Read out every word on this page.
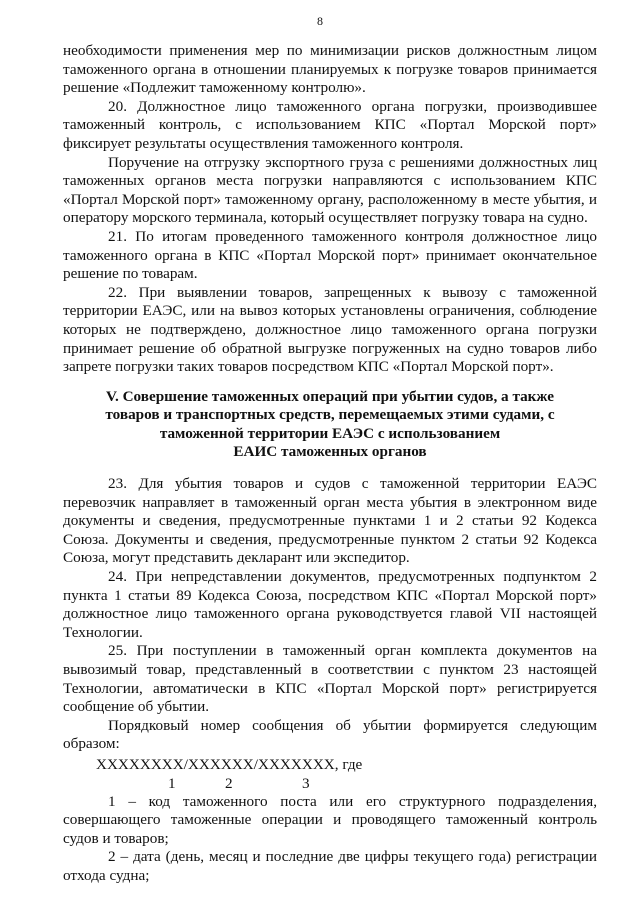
8

необходимости применения мер по минимизации рисков должностным лицом таможенного органа в отношении планируемых к погрузке товаров принимается решение «Подлежит таможенному контролю».

20. Должностное лицо таможенного органа погрузки, производившее таможенный контроль, с использованием КПС «Портал Морской порт» фиксирует результаты осуществления таможенного контроля.

Поручение на отгрузку экспортного груза с решениями должностных лиц таможенных органов места погрузки направляются с использованием КПС «Портал Морской порт» таможенному органу, расположенному в месте убытия, и оператору морского терминала, который осуществляет погрузку товара на судно.

21. По итогам проведенного таможенного контроля должностное лицо таможенного органа в КПС «Портал Морской порт» принимает окончательное решение по товарам.

22. При выявлении товаров, запрещенных к вывозу с таможенной территории ЕАЭС, или на вывоз которых установлены ограничения, соблюдение которых не подтверждено, должностное лицо таможенного органа погрузки принимает решение об обратной выгрузке погруженных на судно товаров либо запрете погрузки таких товаров посредством КПС «Портал Морской порт».

V. Совершение таможенных операций при убытии судов, а также
товаров и транспортных средств, перемещаемых этими судами, с
таможенной территории ЕАЭС с использованием
ЕАИС таможенных органов

23. Для убытия товаров и судов с таможенной территории ЕАЭС перевозчик направляет в таможенный орган места убытия в электронном виде документы и сведения, предусмотренные пунктами 1 и 2 статьи 92 Кодекса Союза. Документы и сведения, предусмотренные пунктом 2 статьи 92 Кодекса Союза, могут представить декларант или экспедитор.

24. При непредставлении документов, предусмотренных подпунктом 2 пункта 1 статьи 89 Кодекса Союза, посредством КПС «Портал Морской порт» должностное лицо таможенного органа руководствуется главой VII настоящей Технологии.

25. При поступлении в таможенный орган комплекта документов на вывозимый товар, представленный в соответствии с пунктом 23 настоящей Технологии, автоматически в КПС «Портал Морской порт» регистрируется сообщение об убытии.

Порядковый номер сообщения об убытии формируется следующим образом:

XXXXXXXX/XXXXXX/XXXXXXX, где
1	2	3

1 – код таможенного поста или его структурного подразделения, совершающего таможенные операции и проводящего таможенный контроль судов и товаров;

2 – дата (день, месяц и последние две цифры текущего года) регистрации отхода судна;
